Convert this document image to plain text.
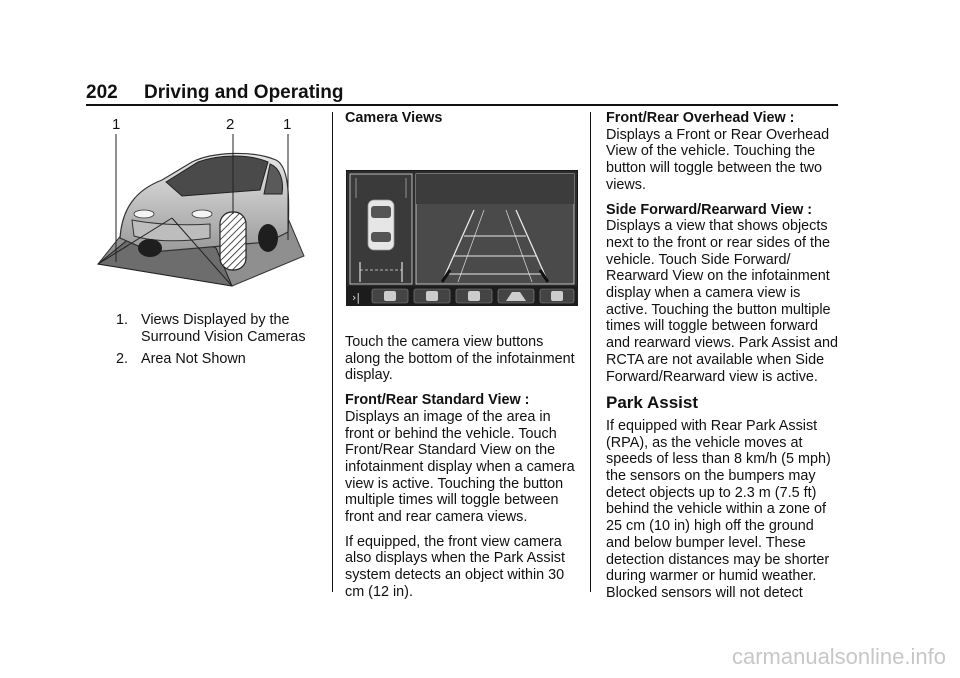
202 Driving and Operating
1	2	1
1. Views Displayed by the Surround Vision Cameras
2. Area Not Shown

Camera Views

›|

Touch the camera view buttons along the bottom of the infotainment display.

Front/Rear Standard View :

Displays an image of the area in front or behind the vehicle. Touch Front/Rear Standard View on the infotainment display when a camera view is active. Touching the button multiple times will toggle between front and rear camera views.

If equipped, the front view camera also displays when the Park Assist system detects an object within 30 cm (12 in).

Front/Rear Overhead View :

Displays a Front or Rear Overhead View of the vehicle. Touching the button will toggle between the two views.

Side Forward/Rearward View :

Displays a view that shows objects next to the front or rear sides of the vehicle. Touch Side Forward/ Rearward View on the infotainment display when a camera view is active. Touching the button multiple times will toggle between forward and rearward views. Park Assist and RCTA are not available when Side Forward/Rearward view is active.

Park Assist

If equipped with Rear Park Assist (RPA), as the vehicle moves at speeds of less than 8 km/h (5 mph) the sensors on the bumpers may detect objects up to 2.3 m (7.5 ft) behind the vehicle within a zone of 25 cm (10 in) high off the ground and below bumper level. These detection distances may be shorter during warmer or humid weather. Blocked sensors will not detect

carmanualsonline.info
